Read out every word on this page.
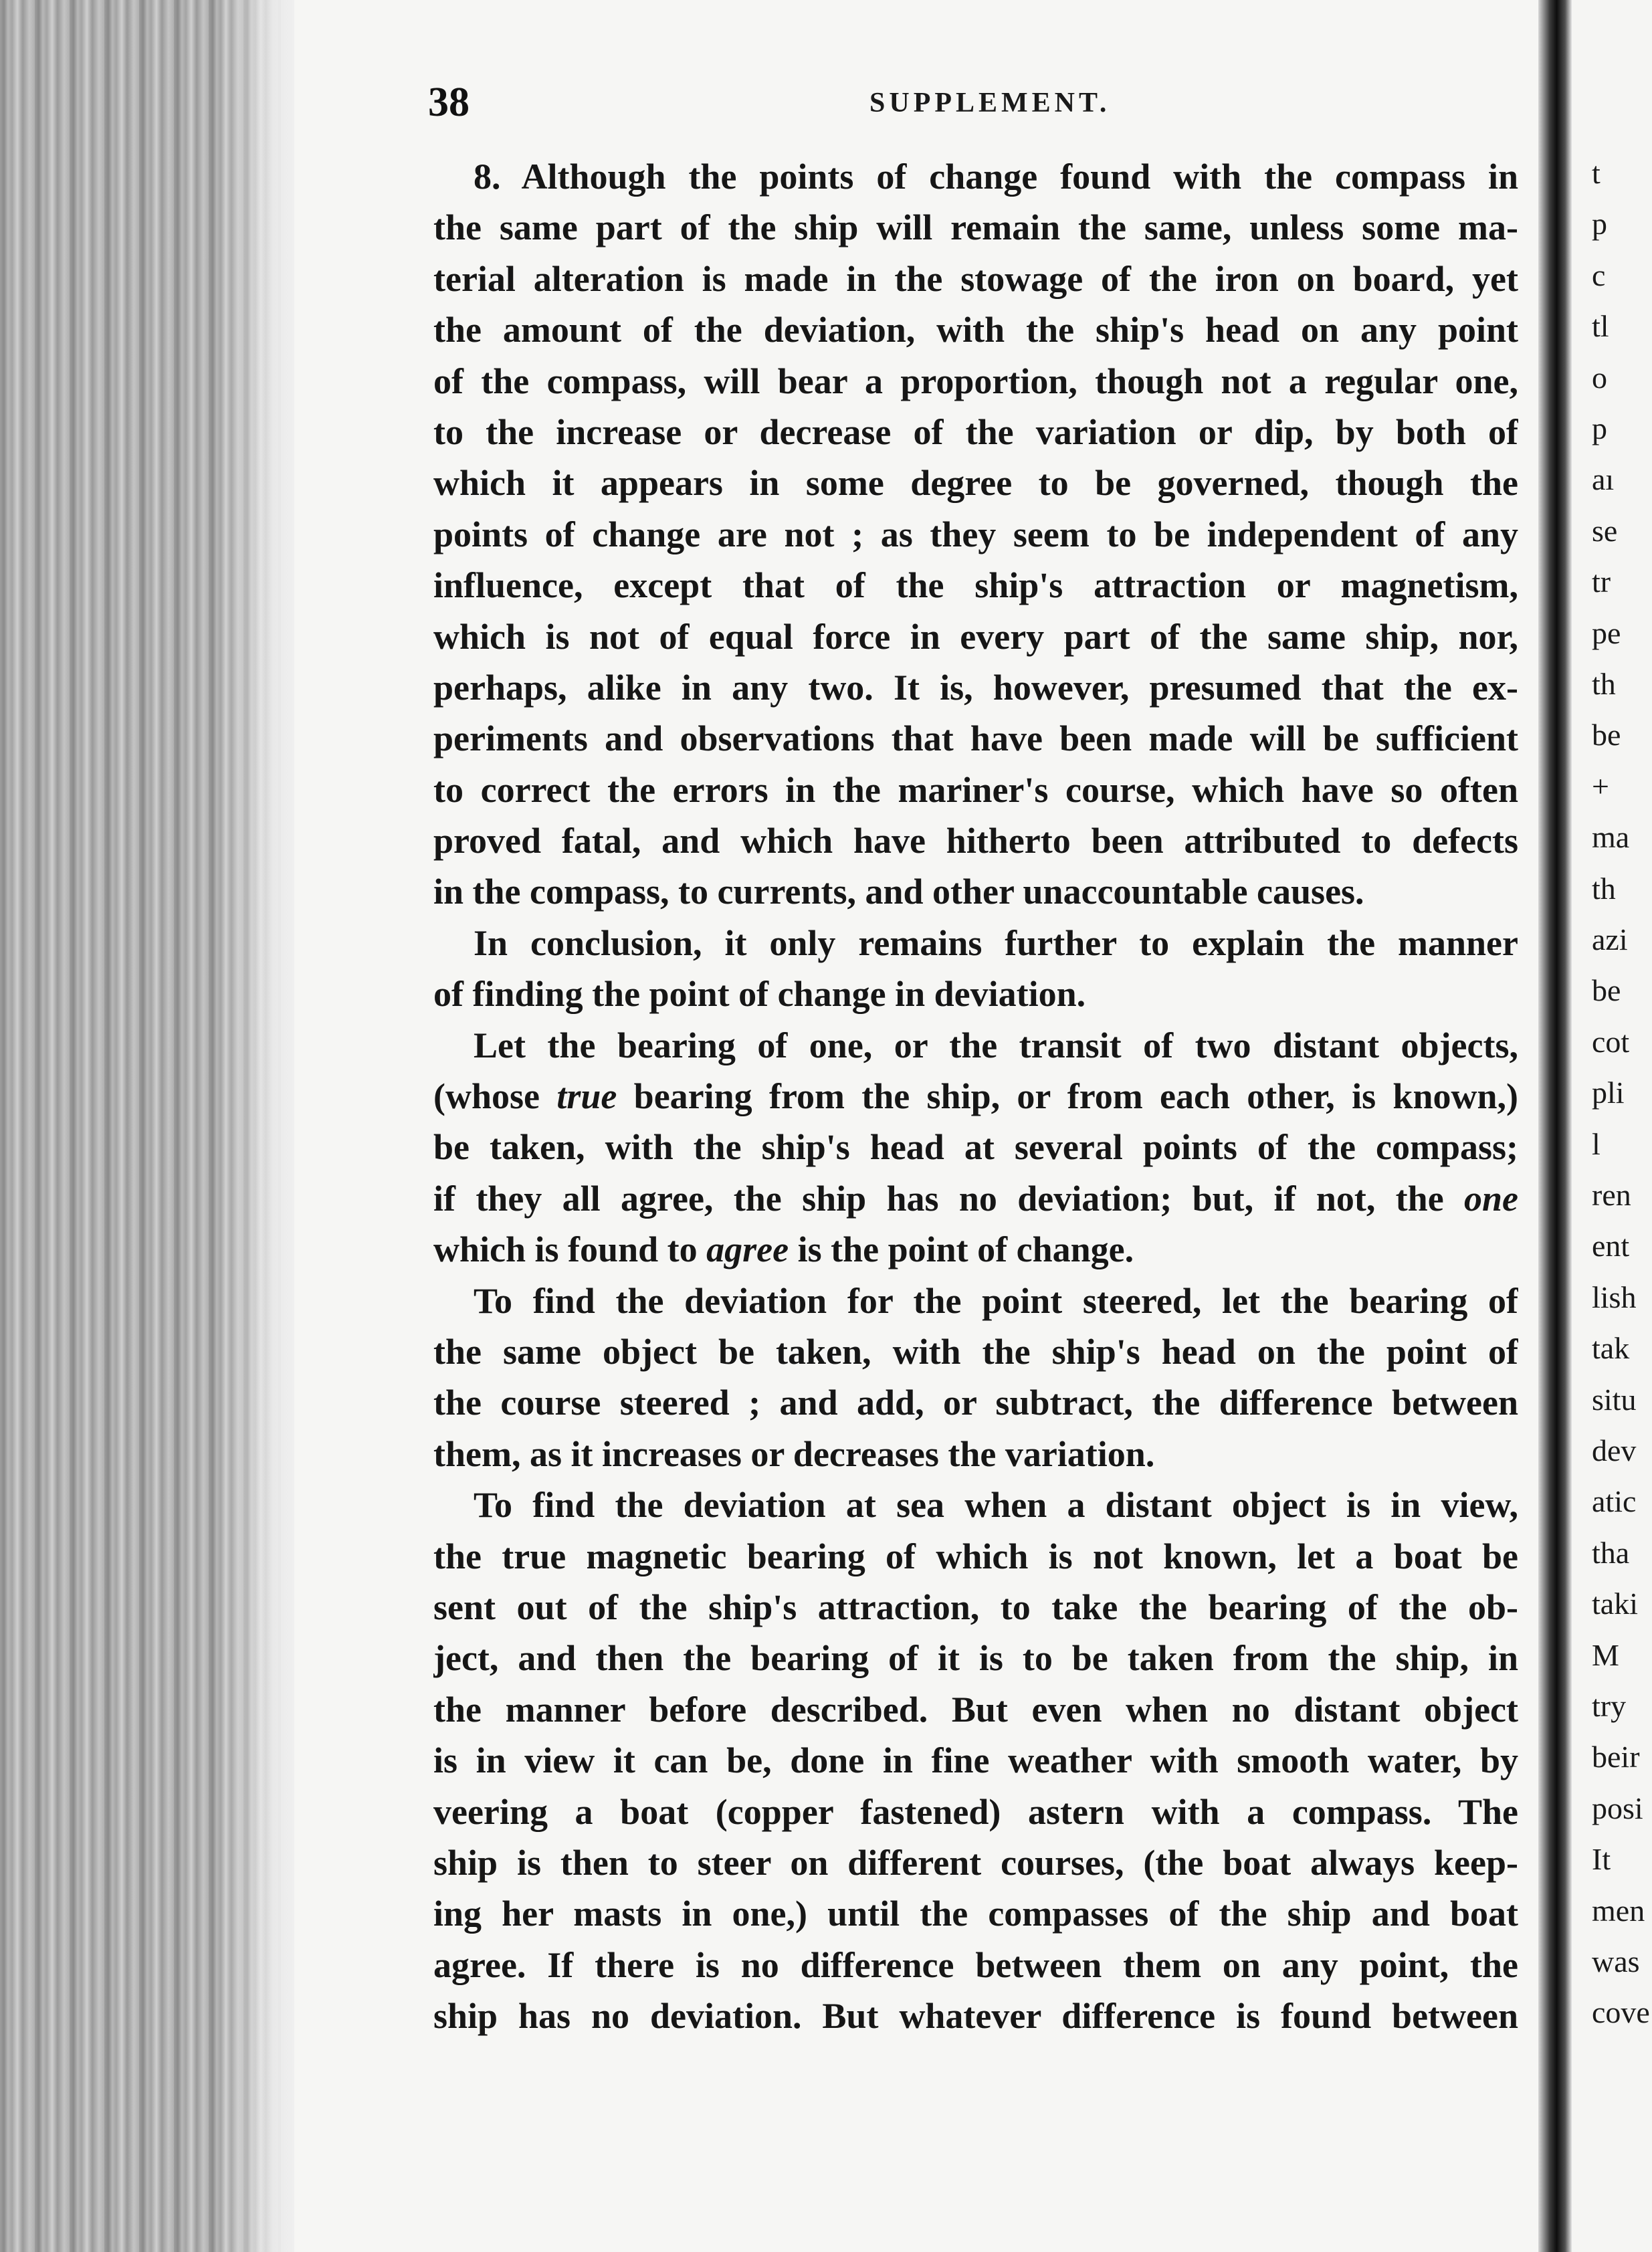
38	SUPPLEMENT.
8. Although the points of change found with the compass in
the same part of the ship will remain the same, unless some ma-
terial alteration is made in the stowage of the iron on board, yet
the amount of the deviation, with the ship's head on any point
of the compass, will bear a proportion, though not a regular one,
to the increase or decrease of the variation or dip, by both of
which it appears in some degree to be governed, though the
points of change are not ; as they seem to be independent of any
influence, except that of the ship's attraction or magnetism,
which is not of equal force in every part of the same ship, nor,
perhaps, alike in any two. It is, however, presumed that the ex-
periments and observations that have been made will be sufficient
to correct the errors in the mariner's course, which have so often
proved fatal, and which have hitherto been attributed to defects
in the compass, to currents, and other unaccountable causes.
In conclusion, it only remains further to explain the manner
of finding the point of change in deviation.
Let the bearing of one, or the transit of two distant objects,
(whose true bearing from the ship, or from each other, is known,)
be taken, with the ship's head at several points of the compass;
if they all agree, the ship has no deviation; but, if not, the one
which is found to agree is the point of change.
To find the deviation for the point steered, let the bearing of
the same object be taken, with the ship's head on the point of
the course steered ; and add, or subtract, the difference between
them, as it increases or decreases the variation.
To find the deviation at sea when a distant object is in view,
the true magnetic bearing of which is not known, let a boat be
sent out of the ship's attraction, to take the bearing of the ob-
ject, and then the bearing of it is to be taken from the ship, in
the manner before described. But even when no distant object
is in view it can be, done in fine weather with smooth water, by
veering a boat (copper fastened) astern with a compass. The
ship is then to steer on different courses, (the boat always keep-
ing her masts in one,) until the compasses of the ship and boat
agree. If there is no difference between them on any point, the
ship has no deviation. But whatever difference is found between
t
p
c
tl
o
p
aı
se
tr
pe
th
be
+
ma
th
azi
be
cot
pli
l
ren
ent
lish
tak
situ
dev
atic
tha
taki
M
try
beir
posi
It
men
was
cove
